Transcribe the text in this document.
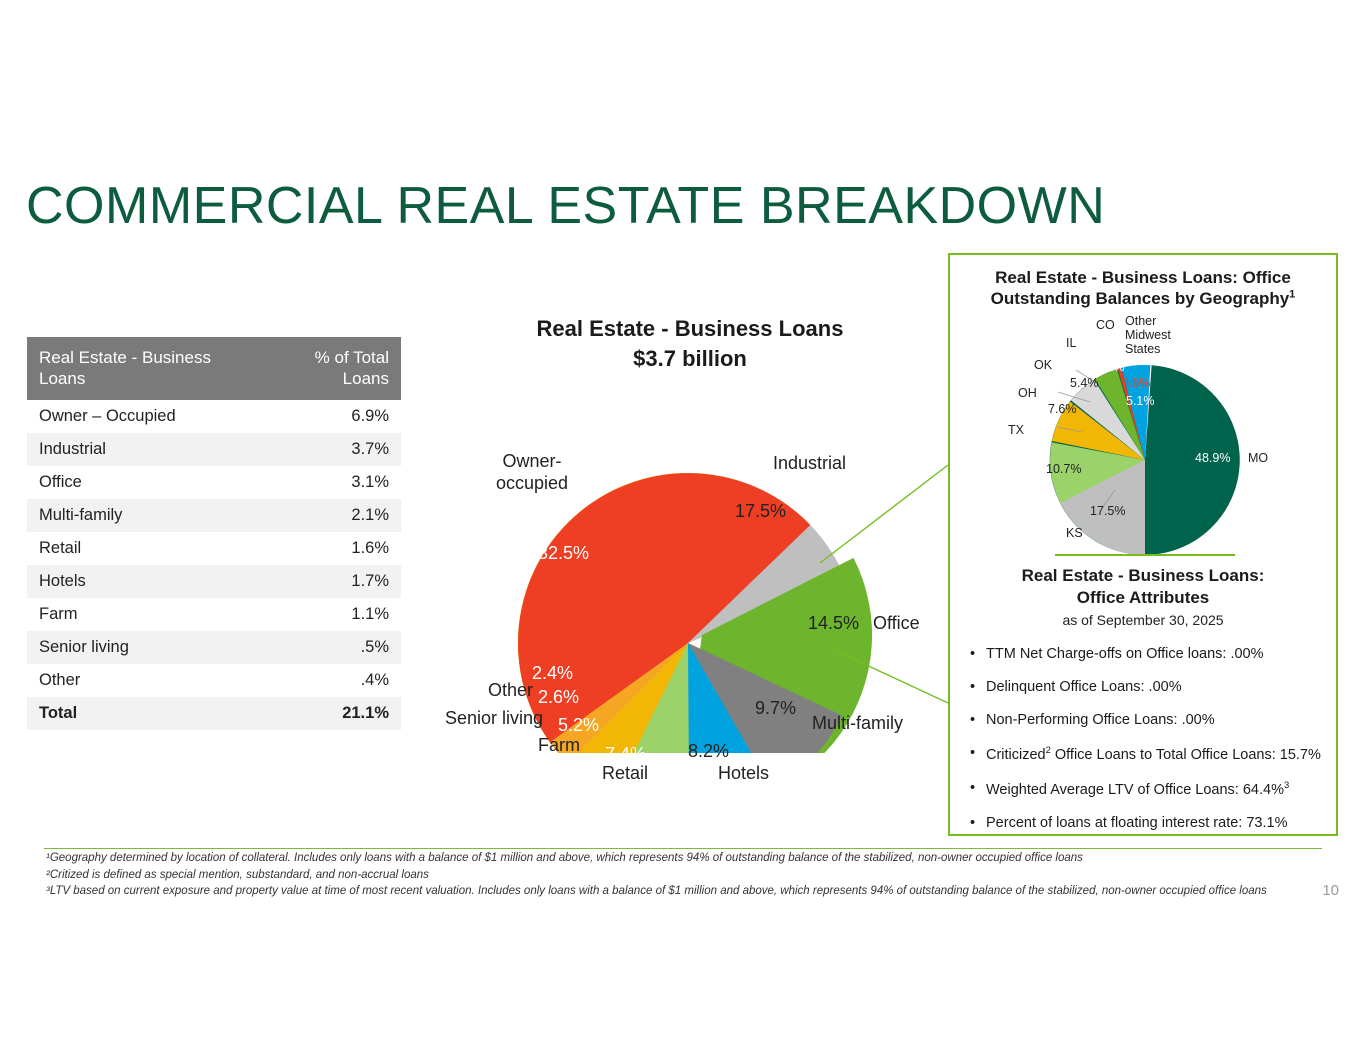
COMMERCIAL REAL ESTATE BREAKDOWN
Real Estate - Business Loans	% of Total Loans
Owner – Occupied	6.9%
Industrial	3.7%
Office	3.1%
Multi-family	2.1%
Retail	1.6%
Hotels	1.7%
Farm	1.1%
Senior living	.5%
Other	.4%
Total	21.1%
Real Estate - Business Loans
$3.7 billion
32.5%
17.5%
14.5%
9.7%
8.2%
7.4%
5.2%
2.6%
2.4%
Owner-
occupied
Industrial
Office
Multi-family
Hotels
Retail
Farm
Senior living
Other
Real Estate - Business Loans: Office
Outstanding Balances by Geography$^1$
Other
Midwest
States
CO
IL
OK
OH
TX
KS
MO
48.9%
17.5%
10.7%
7.6%
5.4%
4.2%
0.6%
5.1%
Real Estate - Business Loans:
Office Attributes
as of September 30, 2025
• TTM Net Charge-offs on Office loans: .00%
• Delinquent Office Loans: .00%
• Non-Performing Office Loans: .00%
• Criticized$^2$ Office Loans to Total Office Loans: 15.7%
• Weighted Average LTV of Office Loans: 64.4%$^3$
• Percent of loans at floating interest rate: 73.1%
¹Geography determined by location of collateral. Includes only loans with a balance of $1 million and above, which represents 94% of outstanding balance of the stabilized, non-owner occupied office loans
²Critized is defined as special mention, substandard, and non-accrual loans
³LTV based on current exposure and property value at time of most recent valuation. Includes only loans with a balance of $1 million and above, which represents 94% of outstanding balance of the stabilized, non-owner occupied office loans	10
